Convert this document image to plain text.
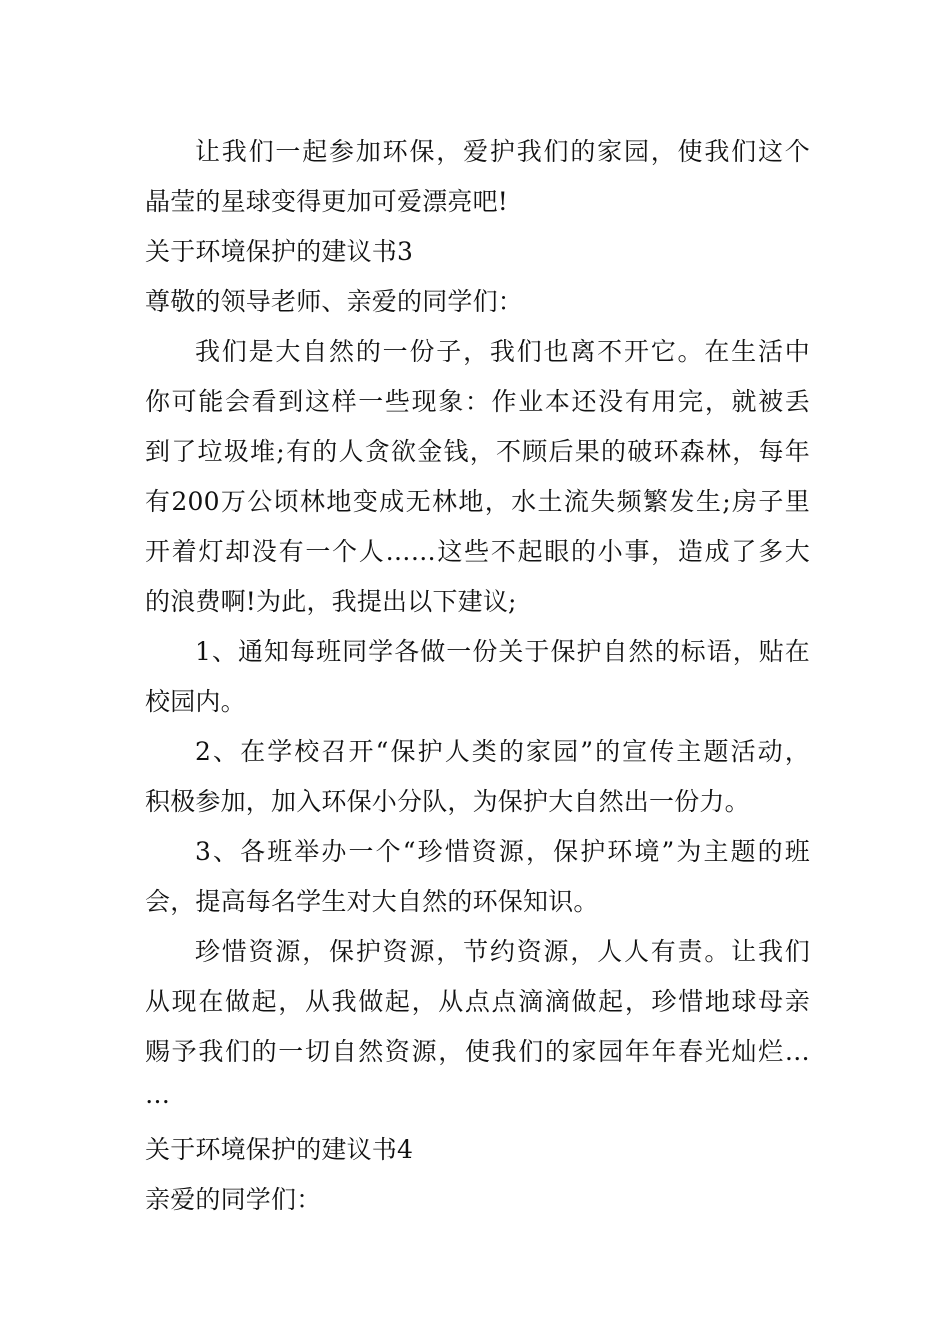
让我们一起参加环保，爱护我们的家园，使我们这个
晶莹的星球变得更加可爱漂亮吧!
关于环境保护的建议书3
尊敬的领导老师、亲爱的同学们：
我们是大自然的一份子，我们也离不开它。在生活中
你可能会看到这样一些现象：作业本还没有用完，就被丢
到了垃圾堆;有的人贪欲金钱，不顾后果的破环森林，每年
有200万公顷林地变成无林地，水土流失频繁发生;房子里
开着灯却没有一个人……这些不起眼的小事，造成了多大
的浪费啊!为此，我提出以下建议;
1、通知每班同学各做一份关于保护自然的标语，贴在
校园内。
2、在学校召开“保护人类的家园”的宣传主题活动，
积极参加，加入环保小分队，为保护大自然出一份力。
3、各班举办一个“珍惜资源，保护环境”为主题的班
会，提高每名学生对大自然的环保知识。
珍惜资源，保护资源，节约资源，人人有责。让我们
从现在做起，从我做起，从点点滴滴做起，珍惜地球母亲
赐予我们的一切自然资源，使我们的家园年年春光灿烂…
…
关于环境保护的建议书4
亲爱的同学们：
